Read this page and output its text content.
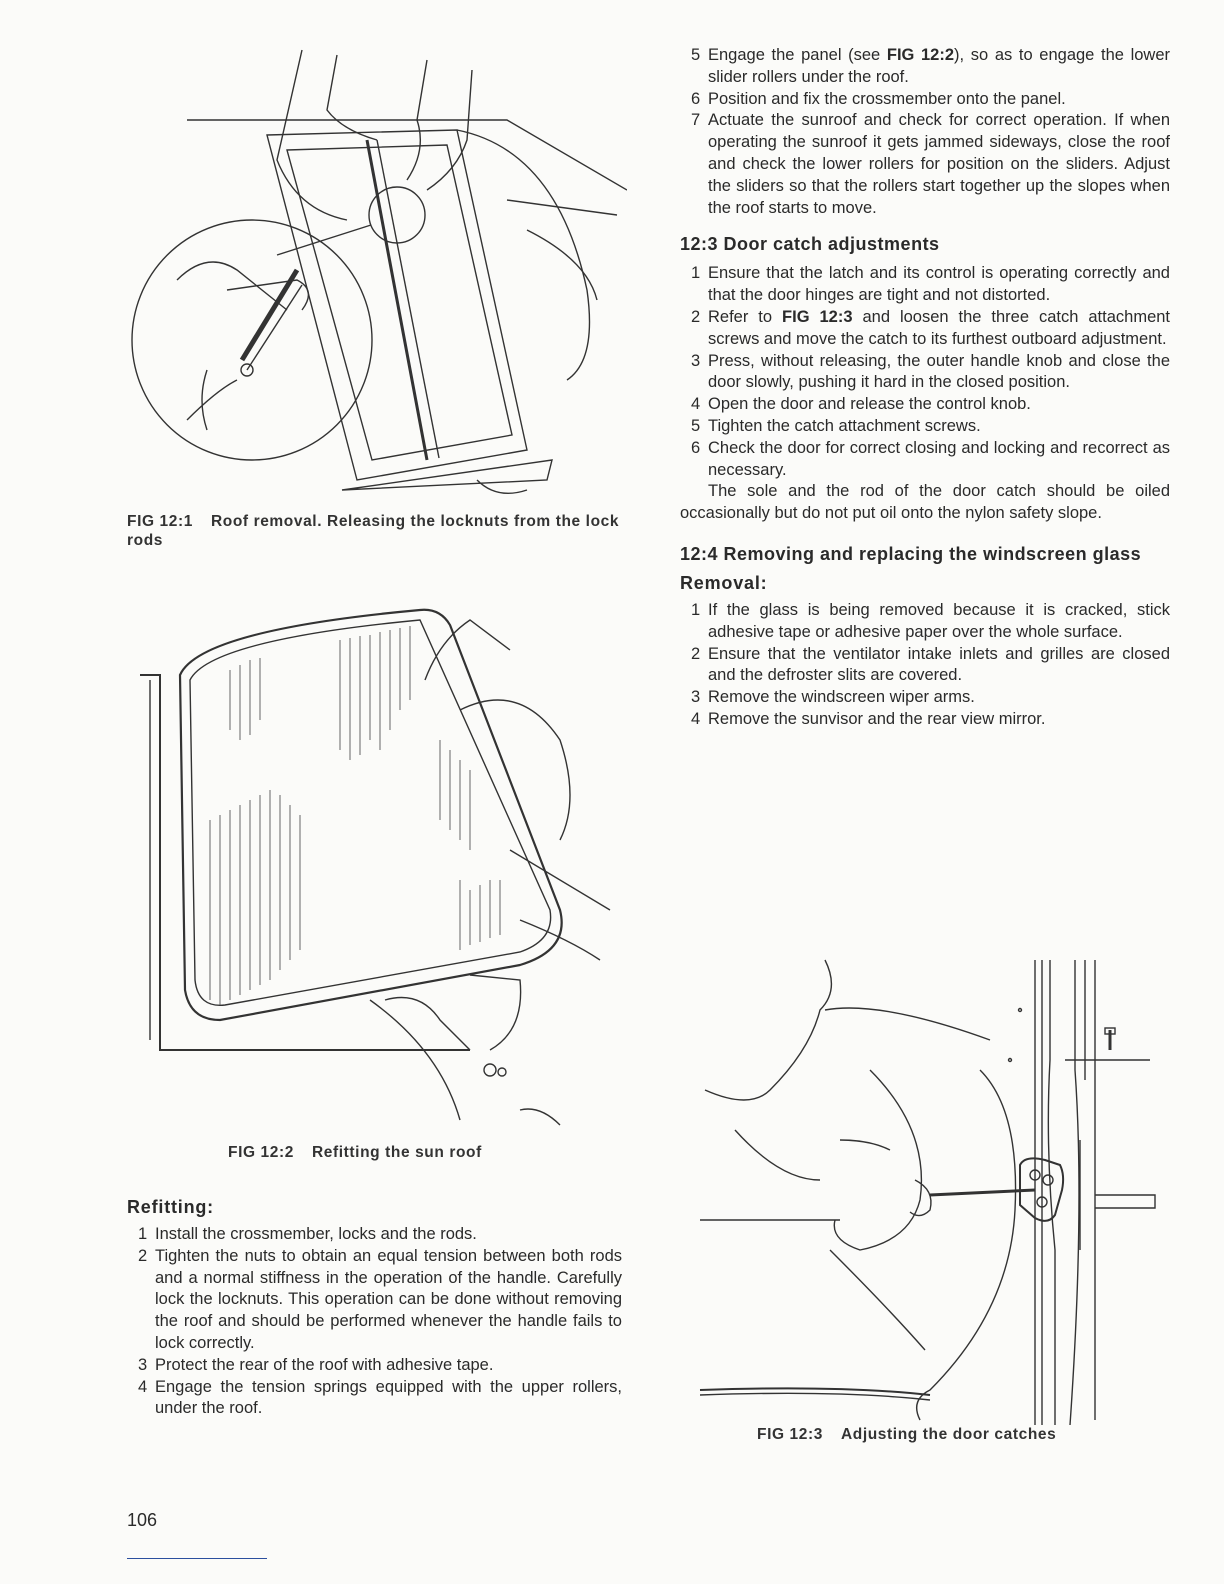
FIG 12:1 Roof removal. Releasing the locknuts from the lock rods
FIG 12:2 Refitting the sun roof
Refitting:
1 Install the crossmember, locks and the rods.
2 Tighten the nuts to obtain an equal tension between both rods and a normal stiffness in the operation of the handle. Carefully lock the locknuts. This operation can be done without removing the roof and should be performed whenever the handle fails to lock correctly.
3 Protect the rear of the roof with adhesive tape.
4 Engage the tension springs equipped with the upper rollers, under the roof.
5 Engage the panel (see FIG 12:2), so as to engage the lower slider rollers under the roof.
6 Position and fix the crossmember onto the panel.
7 Actuate the sunroof and check for correct operation. If when operating the sunroof it gets jammed sideways, close the roof and check the lower rollers for position on the sliders. Adjust the sliders so that the rollers start together up the slopes when the roof starts to move.
12:3 Door catch adjustments
1 Ensure that the latch and its control is operating correctly and that the door hinges are tight and not distorted.
2 Refer to FIG 12:3 and loosen the three catch attachment screws and move the catch to its furthest outboard adjustment.
3 Press, without releasing, the outer handle knob and close the door slowly, pushing it hard in the closed position.
4 Open the door and release the control knob.
5 Tighten the catch attachment screws.
6 Check the door for correct closing and locking and recorrect as necessary.

The sole and the rod of the door catch should be oiled occasionally but do not put oil onto the nylon safety slope.

12:4 Removing and replacing the windscreen glass
Removal:
1 If the glass is being removed because it is cracked, stick adhesive tape or adhesive paper over the whole surface.
2 Ensure that the ventilator intake inlets and grilles are closed and the defroster slits are covered.
3 Remove the windscreen wiper arms.
4 Remove the sunvisor and the rear view mirror.
FIG 12:3 Adjusting the door catches
106
